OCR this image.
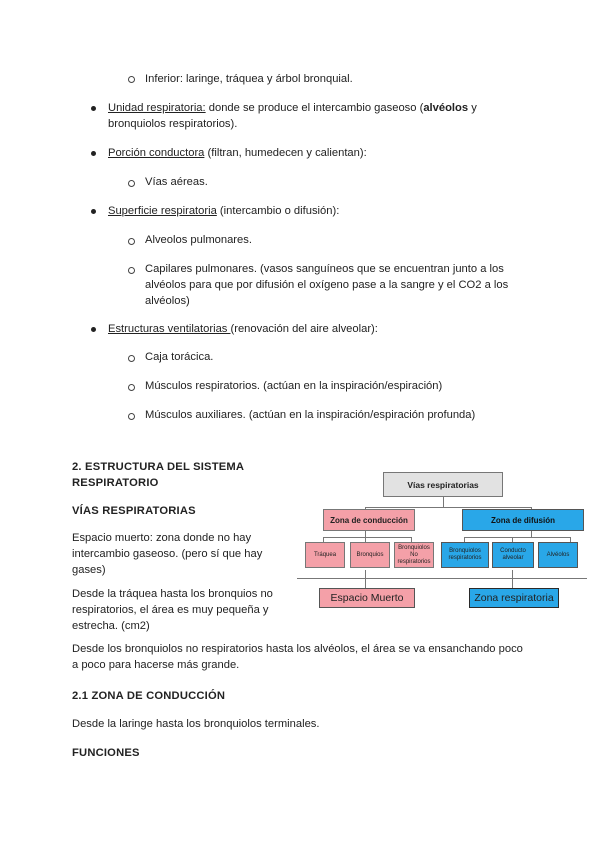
Inferior: laringe, tráquea y árbol bronquial.
Unidad respiratoria: donde se produce el intercambio gaseoso (alvéolos y bronquiolos respiratorios).
Porción conductora (filtran, humedecen y calientan):
Vías aéreas.
Superficie respiratoria (intercambio o difusión):
Alveolos pulmonares.
Capilares pulmonares. (vasos sanguíneos que se encuentran junto a los alvéolos para que por difusión el oxígeno pase a la sangre y el CO2 a los alvéolos)
Estructuras ventilatorias (renovación del aire alveolar):
Caja torácica.
Músculos respiratorios. (actúan en la inspiración/espiración)
Músculos auxiliares. (actúan en la inspiración/espiración profunda)
2. ESTRUCTURA DEL SISTEMA RESPIRATORIO
VÍAS RESPIRATORIAS
Espacio muerto: zona donde no hay intercambio gaseoso. (pero sí que hay gases)
Desde la tráquea hasta los bronquios no respiratorios, el área es muy pequeña y estrecha. (cm2)
Desde los bronquiolos no respiratorios hasta los alvéolos, el área se va ensanchando poco a poco para hacerse más grande.
2.1 ZONA DE CONDUCCIÓN
Desde la laringe hasta los bronquiolos terminales.
FUNCIONES
Vías respiratorias
Zona de conducción	Zona de difusión
Tráquea	Bronquios
Bronquiolos No respiratorios
Bronquiolos respiratorios
Conducto alveolar
Alvéolos
Espacio Muerto	Zona respiratoria
